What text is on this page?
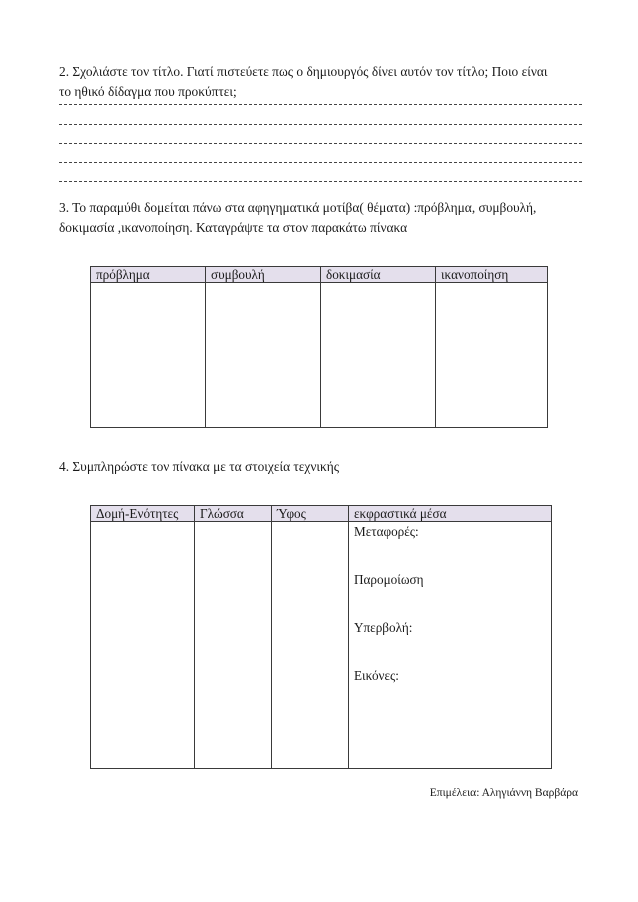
2. Σχολιάστε τον τίτλο. Γιατί πιστεύετε πως ο δημιουργός δίνει αυτόν τον τίτλο; Ποιο είναι
το ηθικό δίδαγμα που προκύπτει;
3. Το παραμύθι δομείται πάνω στα αφηγηματικά μοτίβα( θέματα) :πρόβλημα, συμβουλή,
δοκιμασία ,ικανοποίηση. Καταγράψτε τα στον παρακάτω πίνακα
πρόβλημα	συμβουλή	δοκιμασία	ικανοποίηση

4. Συμπληρώστε τον πίνακα με τα στοιχεία τεχνικής
Δομή-Ενότητες	Γλώσσα	Ύφος	εκφραστικά μέσα

			Μεταφορές:
Παρομοίωση
Υπερβολή:
Εικόνες:
Επιμέλεια: Αληγιάννη Βαρβάρα
